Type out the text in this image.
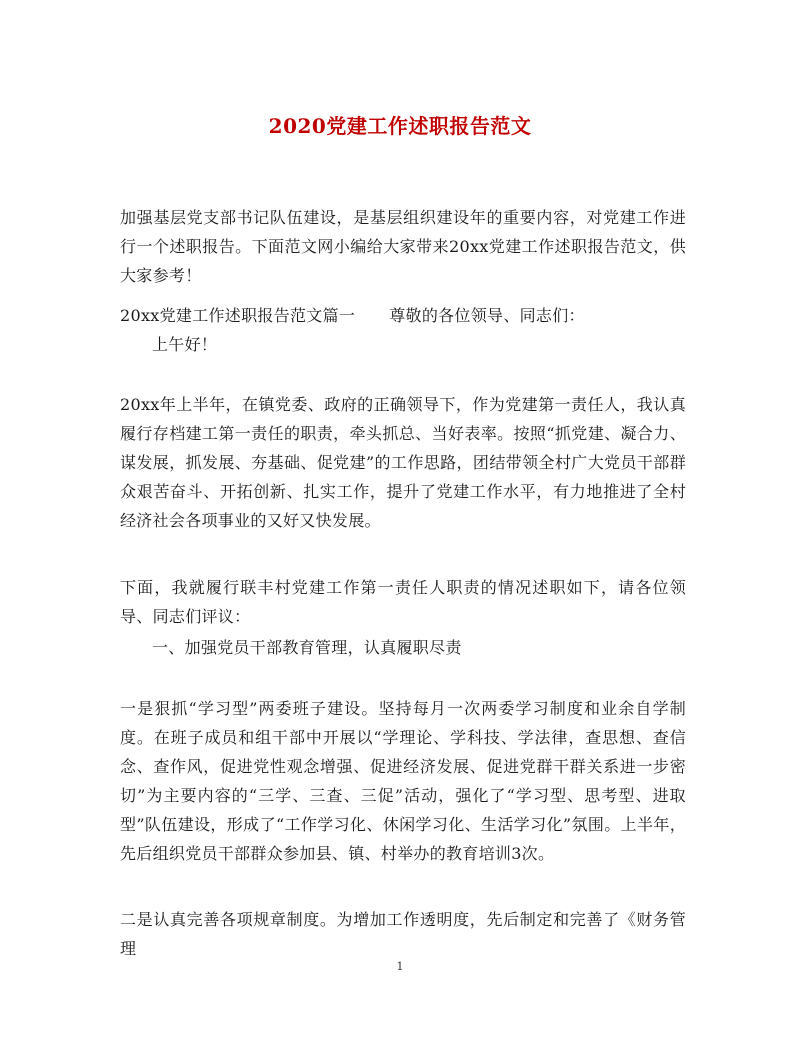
2020党建工作述职报告范文
加强基层党支部书记队伍建设，是基层组织建设年的重要内容，对党建工作进行一个述职报告。下面范文网小编给大家带来20xx党建工作述职报告范文，供大家参考！
20xx党建工作述职报告范文篇一 尊敬的各位领导、同志们：
上午好！
20xx年上半年，在镇党委、政府的正确领导下，作为党建第一责任人，我认真履行存档建工第一责任的职责，牵头抓总、当好表率。按照“抓党建、凝合力、谋发展，抓发展、夯基础、促党建”的工作思路，团结带领全村广大党员干部群众艰苦奋斗、开拓创新、扎实工作，提升了党建工作水平，有力地推进了全村经济社会各项事业的又好又快发展。
下面，我就履行联丰村党建工作第一责任人职责的情况述职如下，请各位领导、同志们评议：
一、加强党员干部教育管理，认真履职尽责
一是狠抓“学习型”两委班子建设。坚持每月一次两委学习制度和业余自学制度。在班子成员和组干部中开展以“学理论、学科技、学法律，查思想、查信念、查作风，促进党性观念增强、促进经济发展、促进党群干群关系进一步密切”为主要内容的“三学、三查、三促”活动，强化了“学习型、思考型、进取型”队伍建设，形成了“工作学习化、休闲学习化、生活学习化”氛围。上半年，先后组织党员干部群众参加县、镇、村举办的教育培训3次。
二是认真完善各项规章制度。为增加工作透明度，先后制定和完善了《财务管理
1
